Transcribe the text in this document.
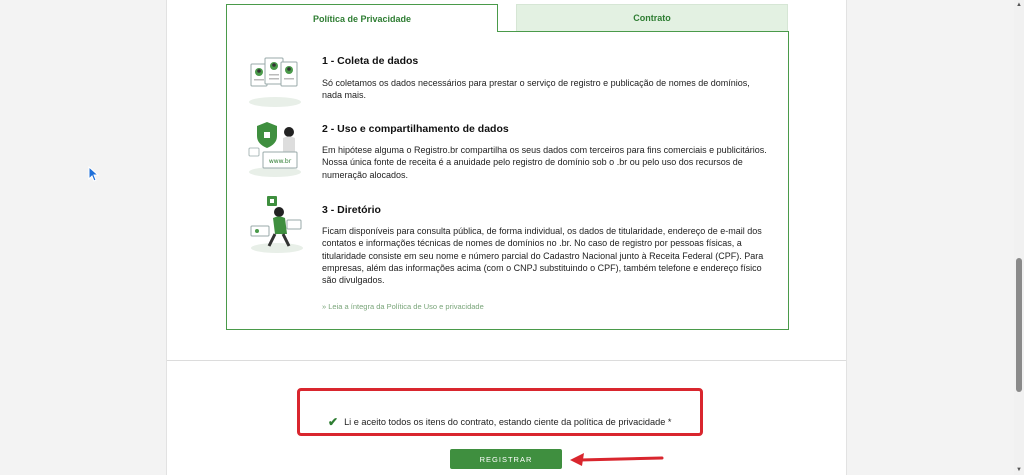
Política de Privacidade	Contrato
1 - Coleta de dados
Só coletamos os dados necessários para prestar o serviço de registro e publicação de nomes de domínios, nada mais.
www.br
2 - Uso e compartilhamento de dados
Em hipótese alguma o Registro.br compartilha os seus dados com terceiros para fins comerciais e publicitários. Nossa única fonte de receita é a anuidade pelo registro de domínio sob o .br ou pelo uso dos recursos de numeração alocados.
3 - Diretório
Ficam disponíveis para consulta pública, de forma individual, os dados de titularidade, endereço de e-mail dos contatos e informações técnicas de nomes de domínios no .br. No caso de registro por pessoas físicas, a titularidade consiste em seu nome e número parcial do Cadastro Nacional junto à Receita Federal (CPF). Para empresas, além das informações acima (com o CNPJ substituindo o CPF), também telefone e endereço físico são divulgados.
» Leia a íntegra da Política de Uso e privacidade
✔ Li e aceito todos os itens do contrato, estando ciente da política de privacidade *
REGISTRAR
▲
▼
